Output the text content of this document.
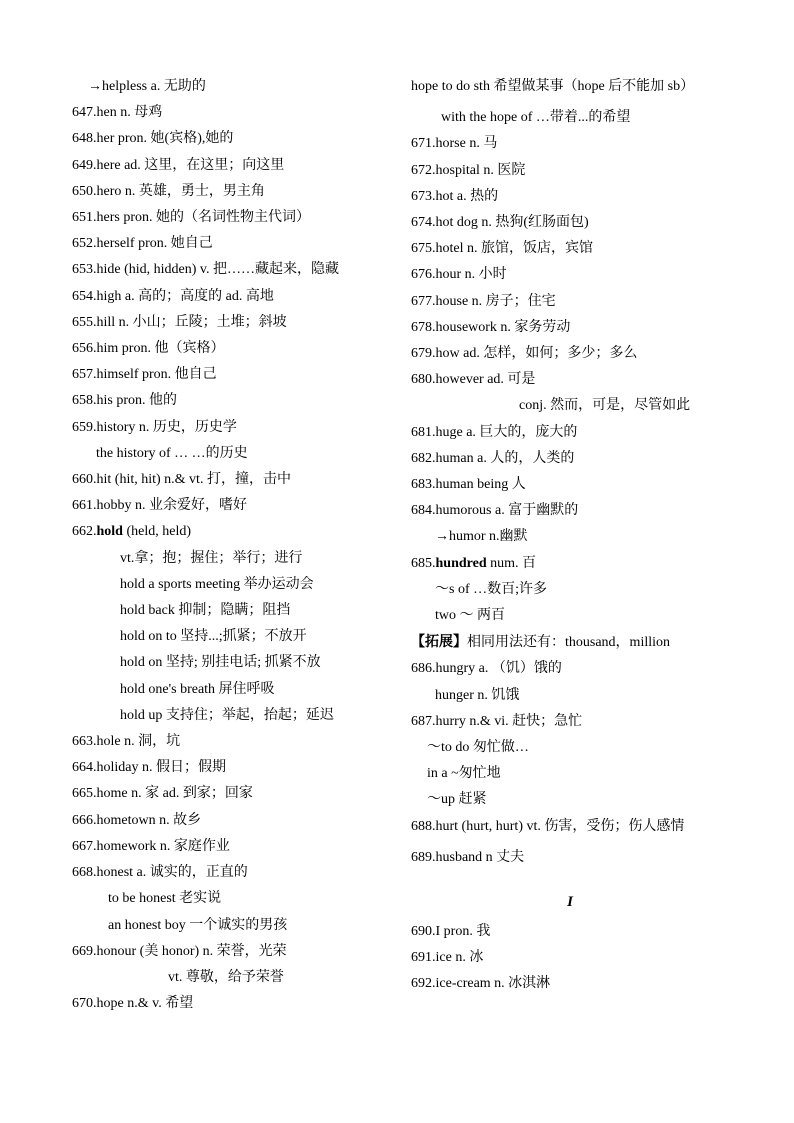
→helpless a. 无助的
647.hen n. 母鸡
648.her pron. 她(宾格),她的
649.here ad. 这里，在这里；向这里
650.hero n. 英雄，勇士，男主角
651.hers pron. 她的（名词性物主代词）
652.herself pron. 她自己
653.hide (hid, hidden) v. 把……藏起来，隐藏
654.high a. 高的；高度的 ad. 高地
655.hill n. 小山；丘陵；土堆；斜坡
656.him pron. 他（宾格）
657.himself pron. 他自己
658.his pron. 他的
659.history n. 历史，历史学
the history of … …的历史
660.hit (hit, hit) n.& vt. 打，撞，击中
661.hobby n. 业余爱好，嗜好
662.hold (held, held)
vt.拿；抱；握住；举行；进行
hold a sports meeting 举办运动会
hold back 抑制；隐瞒；阻挡
hold on to 坚持...;抓紧；不放开
hold on 坚持; 别挂电话; 抓紧不放
hold one's breath 屏住呼吸
hold up 支持住；举起，抬起；延迟
663.hole n. 洞，坑
664.holiday n. 假日；假期
665.home n. 家 ad. 到家；回家
666.hometown n. 故乡
667.homework n. 家庭作业
668.honest a. 诚实的，正直的
to be honest 老实说
an honest boy 一个诚实的男孩
669.honour (美 honor) n. 荣誉，光荣
vt. 尊敬，给予荣誉
670.hope n.& v. 希望
hope to do sth 希望做某事（hope 后不能加 sb）
with the hope of …带着...的希望
671.horse n. 马
672.hospital n. 医院
673.hot a. 热的
674.hot dog n. 热狗(红肠面包)
675.hotel n. 旅馆，饭店，宾馆
676.hour n. 小时
677.house n. 房子；住宅
678.housework n. 家务劳动
679.how ad. 怎样，如何；多少；多么
680.however ad. 可是
conj. 然而，可是，尽管如此
681.huge a. 巨大的，庞大的
682.human a. 人的，人类的
683.human being 人
684.humorous a. 富于幽默的
→humor n.幽默
685.hundred num. 百
～s of …数百;许多
two ～ 两百
【拓展】相同用法还有：thousand，million
686.hungry a. （饥）饿的
hunger n. 饥饿
687.hurry n.& vi. 赶快；急忙
～to do 匆忙做…
in a ~匆忙地
～up 赶紧
688.hurt (hurt, hurt) vt. 伤害，受伤；伤人感情
689.husband n 丈夫
I
690.I pron. 我
691.ice n. 冰
692.ice-cream n. 冰淇淋
